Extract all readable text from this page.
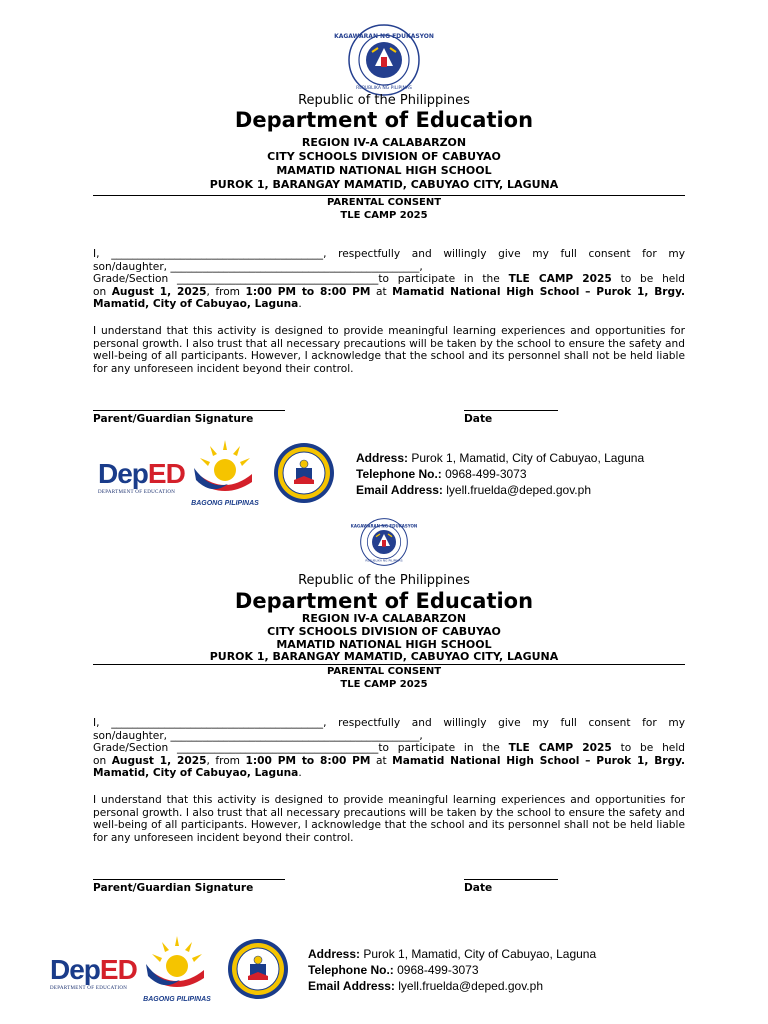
KAGAWARAN NG EDUKASYON
REPUBLIKA NG PILIPINAS
Republic of the Philippines
Department of Education
REGION IV-A CALABARZON
CITY SCHOOLS DIVISION OF CABUYAO
MAMATID NATIONAL HIGH SCHOOL
PUROK 1, BARANGAY MAMATID, CABUYAO CITY, LAGUNA
PARENTAL CONSENT
TLE CAMP 2025

I, ________________________________________, respectfully and willingly give my full consent for my

son/daughter, _______________________________________________,

Grade/Section ______________________________________to participate in the TLE CAMP 2025 to be held

on August 1, 2025, from 1:00 PM to 8:00 PM at Mamatid National High School – Purok 1, Brgy. Mamatid, City of Cabuyao, Laguna.

I understand that this activity is designed to provide meaningful learning experiences and opportunities for personal growth. I also trust that all necessary precautions will be taken by the school to ensure the safety and well-being of all participants. However, I acknowledge that the school and its personnel shall not be held liable for any unforeseen incident beyond their control.
Parent/Guardian Signature	Date
DepED
DEPARTMENT OF EDUCATION
BAGONG PILIPINAS
Address: Purok 1, Mamatid, City of Cabuyao, Laguna
Telephone No.: 0968-499-3073
Email Address: lyell.fruelda@deped.gov.ph
KAGAWARAN NG EDUKASYON
REPUBLIKA NG PILIPINAS
Republic of the Philippines
Department of Education
REGION IV-A CALABARZON
CITY SCHOOLS DIVISION OF CABUYAO
MAMATID NATIONAL HIGH SCHOOL
PUROK 1, BARANGAY MAMATID, CABUYAO CITY, LAGUNA
PARENTAL CONSENT
TLE CAMP 2025

I, ________________________________________, respectfully and willingly give my full consent for my

son/daughter, _______________________________________________,

Grade/Section ______________________________________to participate in the TLE CAMP 2025 to be held

on August 1, 2025, from 1:00 PM to 8:00 PM at Mamatid National High School – Purok 1, Brgy. Mamatid, City of Cabuyao, Laguna.

I understand that this activity is designed to provide meaningful learning experiences and opportunities for personal growth. I also trust that all necessary precautions will be taken by the school to ensure the safety and well-being of all participants. However, I acknowledge that the school and its personnel shall not be held liable for any unforeseen incident beyond their control.
Parent/Guardian Signature	Date
DepED
DEPARTMENT OF EDUCATION
BAGONG PILIPINAS
Address: Purok 1, Mamatid, City of Cabuyao, Laguna
Telephone No.: 0968-499-3073
Email Address: lyell.fruelda@deped.gov.ph
